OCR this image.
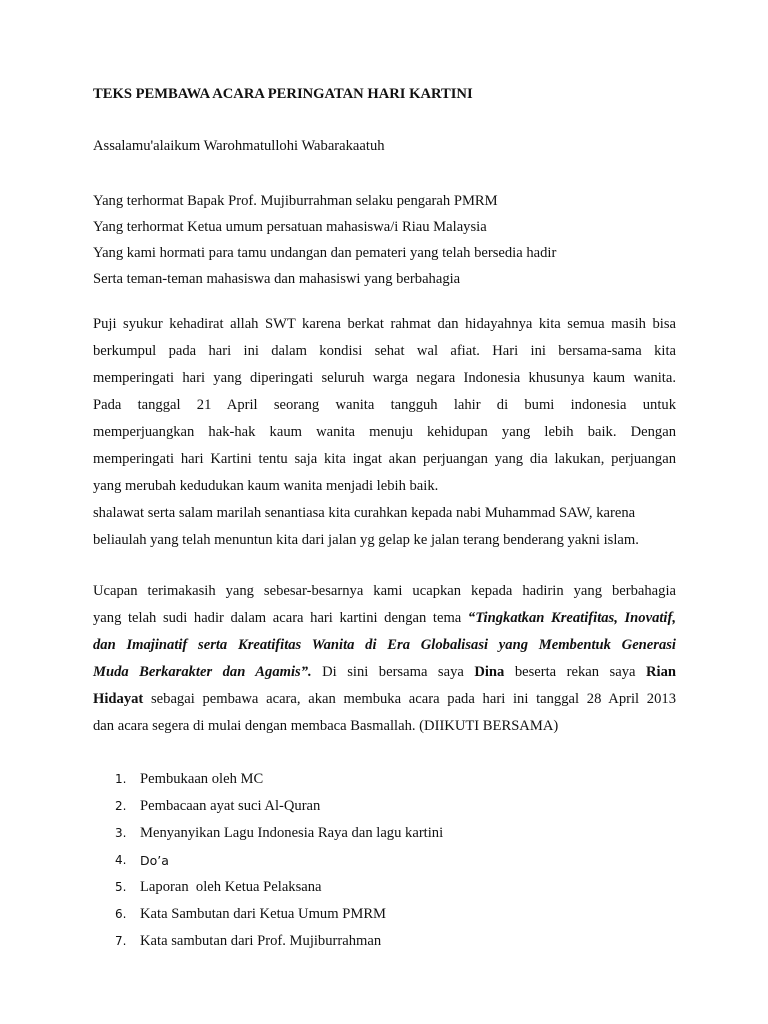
TEKS PEMBAWA ACARA PERINGATAN HARI KARTINI

Assalamu'alaikum Warohmatullohi Wabarakaatuh

Yang terhormat Bapak Prof. Mujiburrahman selaku pengarah PMRM
Yang terhormat Ketua umum persatuan mahasiswa/i Riau Malaysia
Yang kami hormati para tamu undangan dan pemateri yang telah bersedia hadir
Serta teman-teman mahasiswa dan mahasiswi yang berbahagia

Puji syukur kehadirat allah SWT karena berkat rahmat dan hidayahnya kita semua masih bisa
berkumpul pada hari ini dalam kondisi sehat wal afiat. Hari ini bersama-sama kita
memperingati hari yang diperingati seluruh warga negara Indonesia khusunya kaum wanita.
Pada tanggal 21 April seorang wanita tangguh lahir di bumi indonesia untuk
memperjuangkan hak-hak kaum wanita menuju kehidupan yang lebih baik. Dengan
memperingati hari Kartini tentu saja kita ingat akan perjuangan yang dia lakukan, perjuangan
yang merubah kedudukan kaum wanita menjadi lebih baik.

shalawat serta salam marilah senantiasa kita curahkan kepada nabi Muhammad SAW, karena
beliaulah yang telah menuntun kita dari jalan yg gelap ke jalan terang benderang yakni islam.

Ucapan terimakasih yang sebesar-besarnya kami ucapkan kepada hadirin yang berbahagia
yang telah sudi hadir dalam acara hari kartini dengan tema “Tingkatkan Kreatifitas, Inovatif,
dan Imajinatif serta Kreatifitas Wanita di Era Globalisasi yang Membentuk Generasi
Muda Berkarakter dan Agamis”. Di sini bersama saya Dina beserta rekan saya Rian
Hidayat sebagai pembawa acara, akan membuka acara pada hari ini tanggal 28 April 2013
dan acara segera di mulai dengan membaca Basmallah. (DIIKUTI BERSAMA)

1. Pembukaan oleh MC
2. Pembacaan ayat suci Al-Quran
3. Menyanyikan Lagu Indonesia Raya dan lagu kartini
4. Do’a
5. Laporan  oleh Ketua Pelaksana
6. Kata Sambutan dari Ketua Umum PMRM
7. Kata sambutan dari Prof. Mujiburrahman
